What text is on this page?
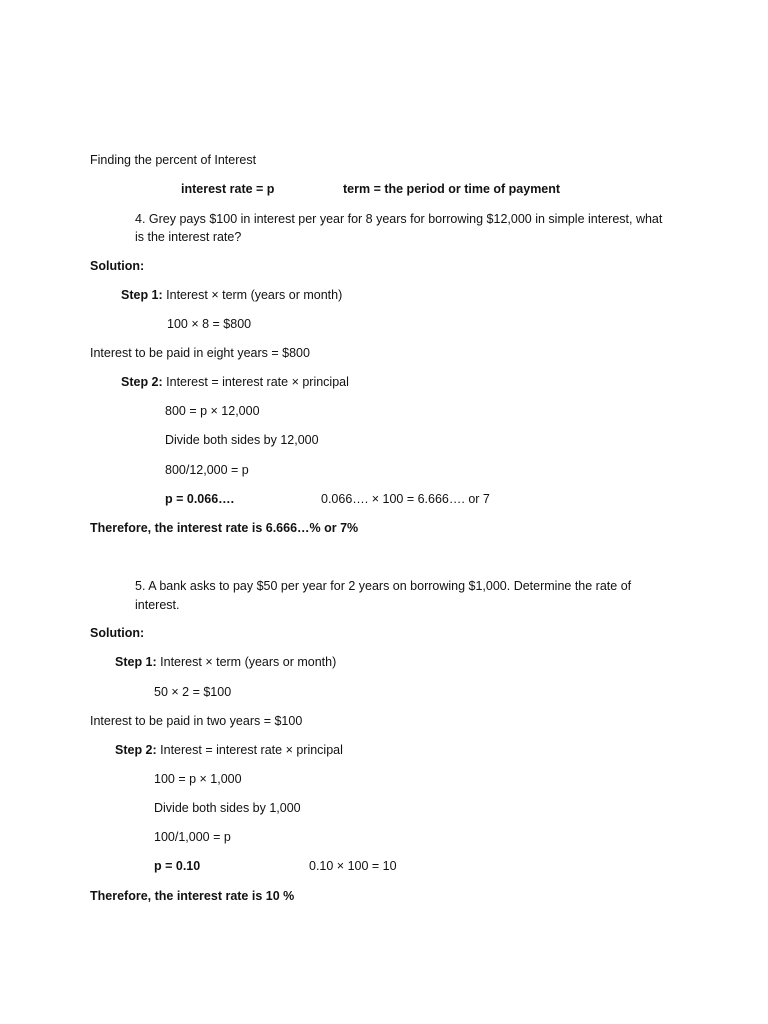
Finding the percent of Interest
interest rate = p	term = the period or time of payment
4. Grey pays $100 in interest per year for 8 years for borrowing $12,000 in simple interest, what
is the interest rate?
Solution:
Step 1: Interest × term (years or month)
100 × 8 = $800
Interest to be paid in eight years = $800
Step 2: Interest = interest rate × principal
800 = p × 12,000
Divide both sides by 12,000
800/12,000 = p
p = 0.066….	0.066…. × 100 = 6.666…. or 7
Therefore, the interest rate is 6.666…% or 7%
5. A bank asks to pay $50 per year for 2 years on borrowing $1,000. Determine the rate of
interest.
Solution:
Step 1: Interest × term (years or month)
50 × 2 = $100
Interest to be paid in two years = $100
Step 2: Interest = interest rate × principal
100 = p × 1,000
Divide both sides by 1,000
100/1,000 = p
p = 0.10	0.10 × 100 = 10
Therefore, the interest rate is 10 %
